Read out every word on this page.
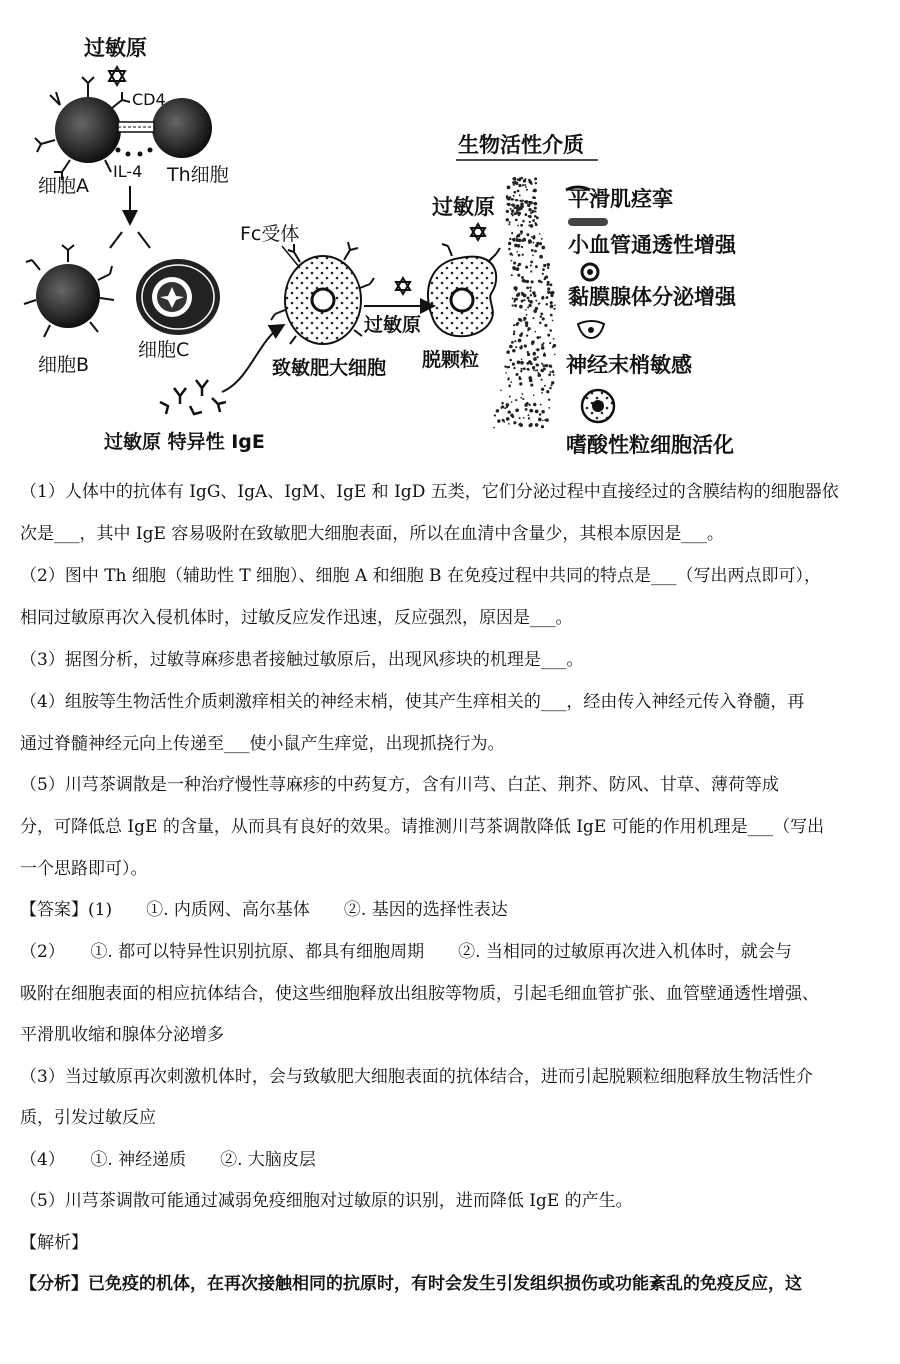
过敏原
细胞A
CD4
IL-4 Th细胞
细胞B
细胞C
过敏原 特异性 IgE
Fc受体
致敏肥大细胞
过敏原
过敏原
脱颗粒
生物活性介质
平滑肌痉挛
小血管通透性增强
黏膜腺体分泌增强
神经末梢敏感
嗜酸性粒细胞活化
（1）人体中的抗体有 IgG、IgA、IgM、IgE 和 IgD 五类，它们分泌过程中直接经过的含膜结构的细胞器依
次是___，其中 IgE 容易吸附在致敏肥大细胞表面，所以在血清中含量少，其根本原因是___。
（2）图中 Th 细胞（辅助性 T 细胞）、细胞 A 和细胞 B 在免疫过程中共同的特点是___（写出两点即可），
相同过敏原再次入侵机体时，过敏反应发作迅速，反应强烈，原因是___。
（3）据图分析，过敏荨麻疹患者接触过敏原后，出现风疹块的机理是___。
（4）组胺等生物活性介质刺激痒相关的神经末梢，使其产生痒相关的___，经由传入神经元传入脊髓，再
通过脊髓神经元向上传递至___使小鼠产生痒觉，出现抓挠行为。
（5）川芎茶调散是一种治疗慢性荨麻疹的中药复方，含有川芎、白芷、荆芥、防风、甘草、薄荷等成
分，可降低总 IgE 的含量，从而具有良好的效果。请推测川芎茶调散降低 IgE 可能的作用机理是___（写出
一个思路即可）。
【答案】(1)　　①. 内质网、高尔基体　　②. 基因的选择性表达
（2）　　①. 都可以特异性识别抗原、都具有细胞周期　　②. 当相同的过敏原再次进入机体时，就会与
吸附在细胞表面的相应抗体结合，使这些细胞释放出组胺等物质，引起毛细血管扩张、血管壁通透性增强、
平滑肌收缩和腺体分泌增多
（3）当过敏原再次刺激机体时，会与致敏肥大细胞表面的抗体结合，进而引起脱颗粒细胞释放生物活性介
质，引发过敏反应
（4）　　①. 神经递质　　②. 大脑皮层
（5）川芎茶调散可能通过减弱免疫细胞对过敏原的识别，进而降低 IgE 的产生。
【解析】
【分析】已免疫的机体，在再次接触相同的抗原时，有时会发生引发组织损伤或功能紊乱的免疫反应，这
